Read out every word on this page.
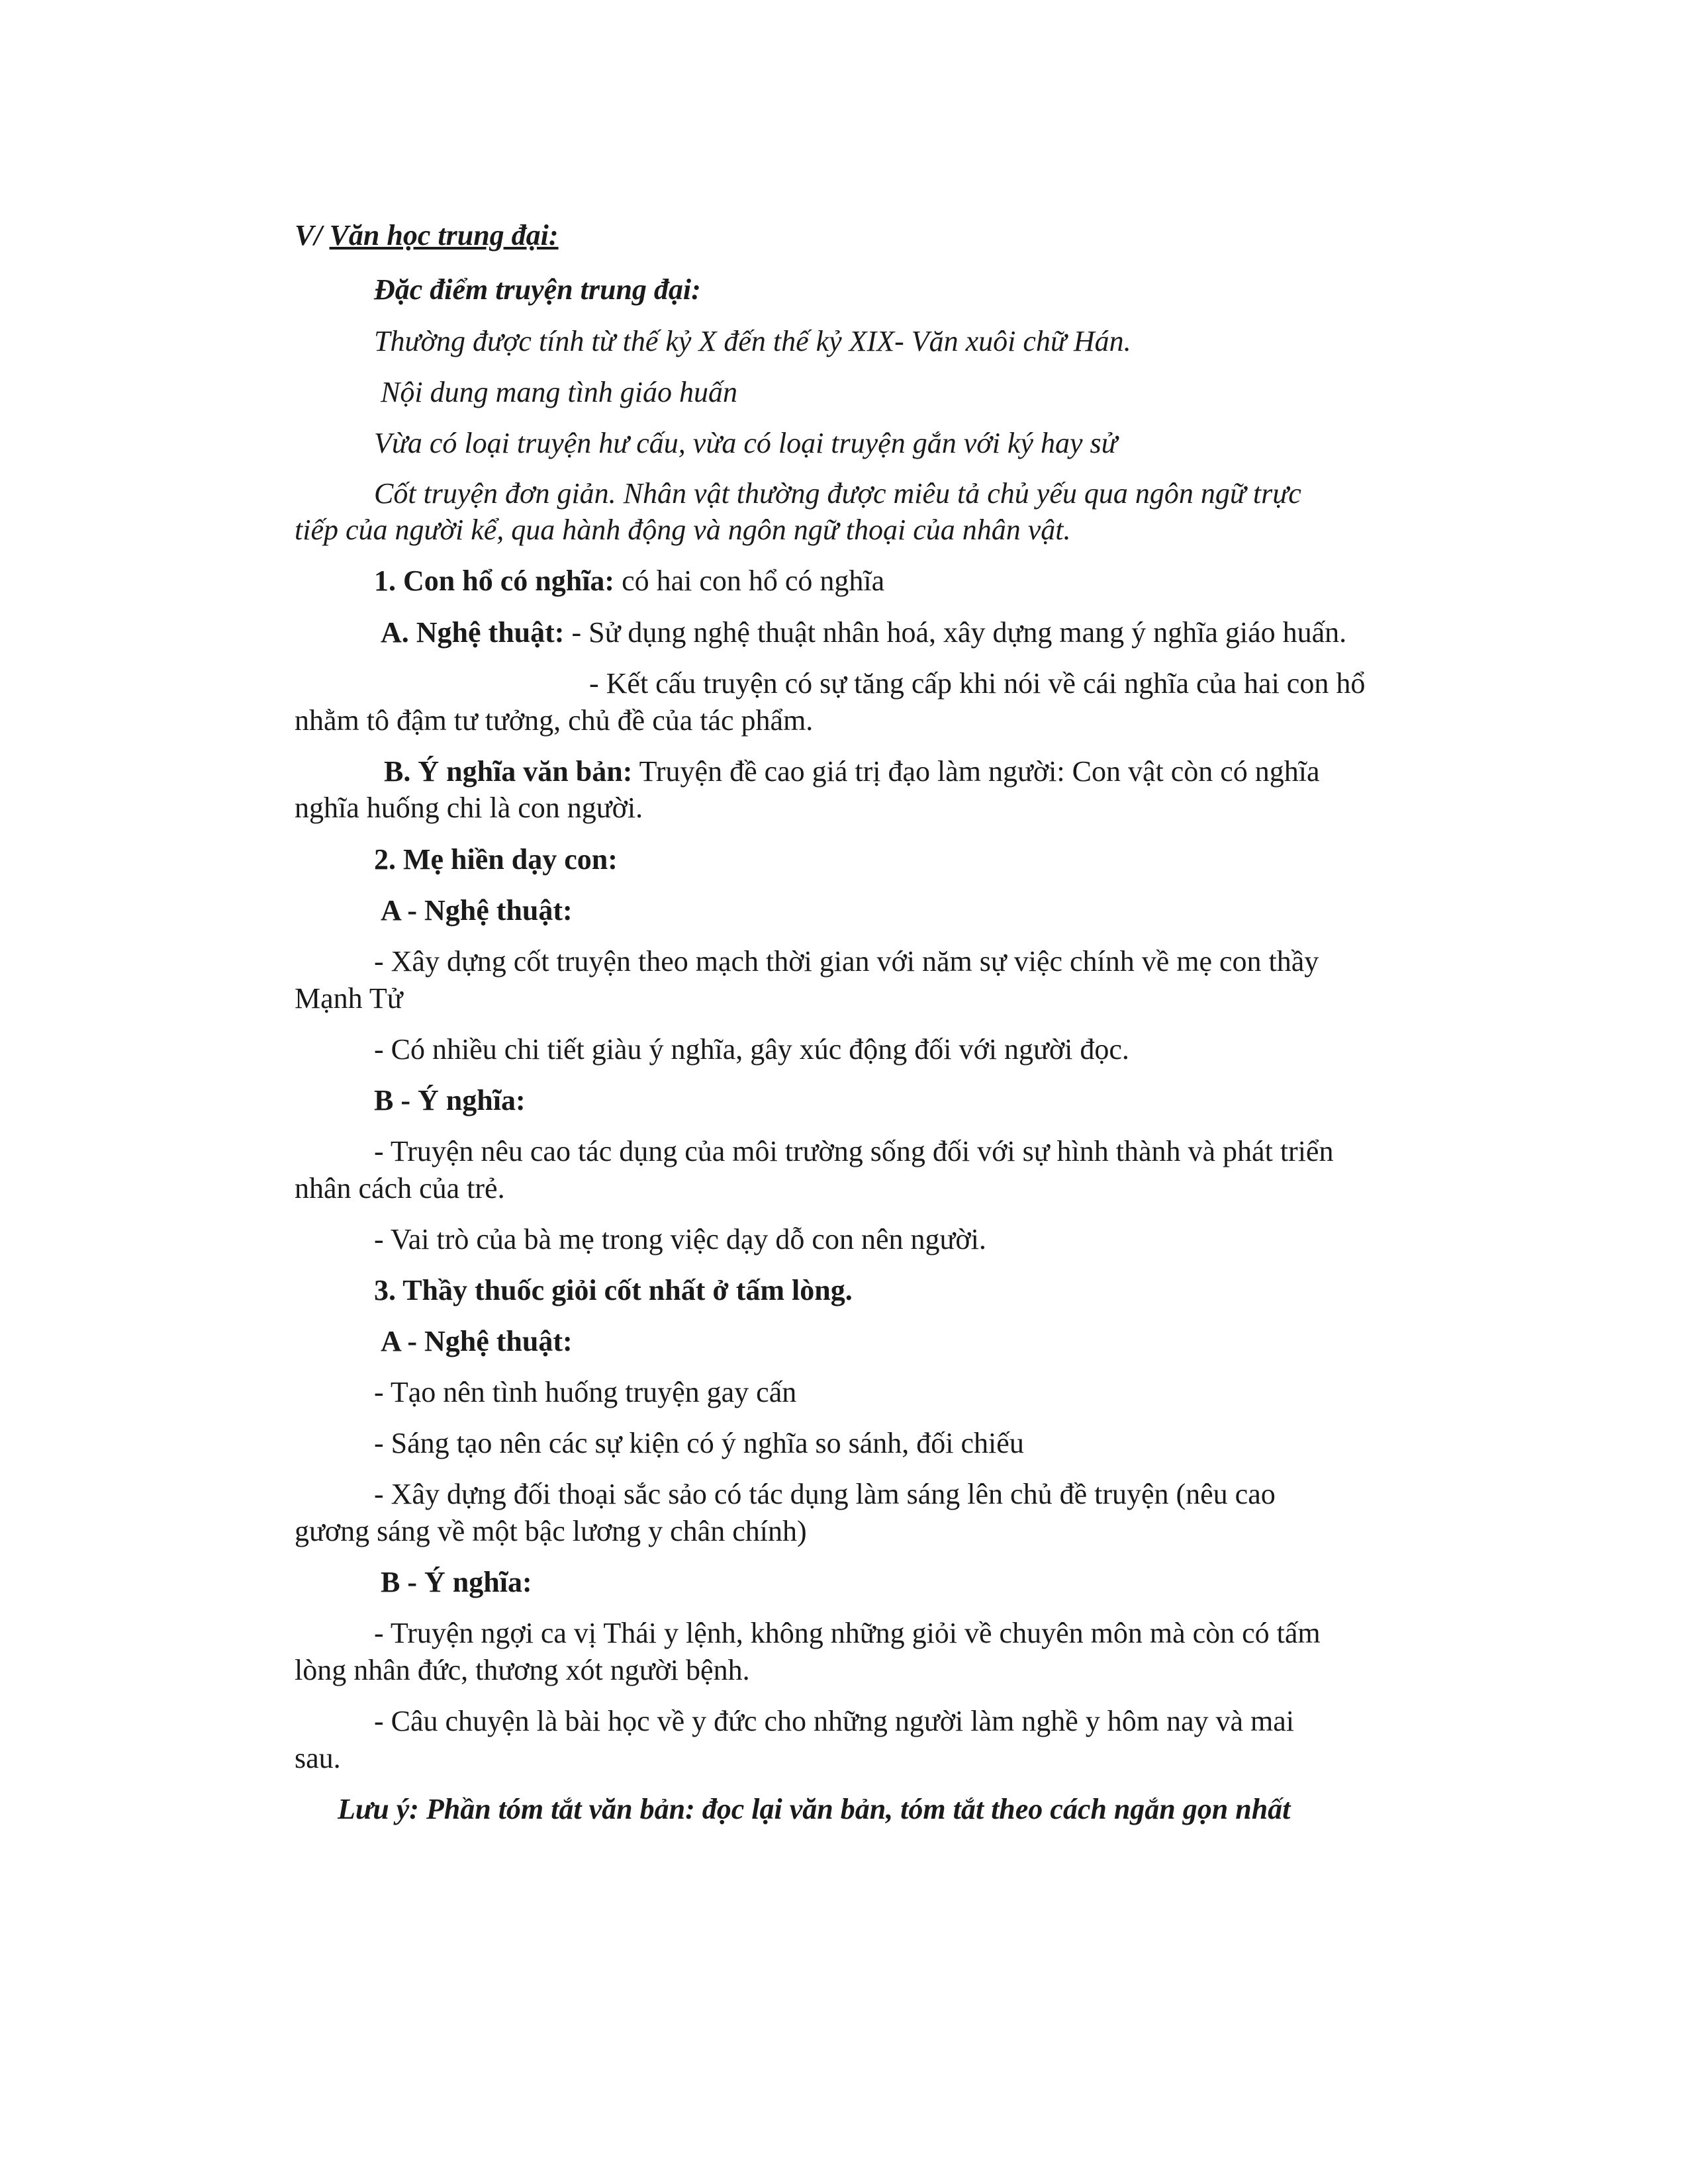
V/ Văn học trung đại:
Đặc điểm truyện trung đại:
Thường được tính từ thế kỷ X đến thế kỷ XIX- Văn xuôi chữ Hán.
Nội dung mang tình giáo huấn
Vừa có loại truyện hư cấu, vừa có loại truyện gắn với ký hay sử
Cốt truyện đơn giản. Nhân vật thường được miêu tả chủ yếu qua ngôn ngữ trực
tiếp của người kể, qua hành động và ngôn ngữ thoại của nhân vật.
1. Con hổ có nghĩa: có hai con hổ có nghĩa
A. Nghệ thuật: - Sử dụng nghệ thuật nhân hoá, xây dựng mang ý nghĩa giáo huấn.
- Kết cấu truyện có sự tăng cấp khi nói về cái nghĩa của hai con hổ
nhằm tô đậm tư tưởng, chủ đề của tác phẩm.
B. Ý nghĩa văn bản: Truyện đề cao giá trị đạo làm người: Con vật còn có nghĩa
nghĩa huống chi là con người.
2. Mẹ hiền dạy con:
A - Nghệ thuật:
- Xây dựng cốt truyện theo mạch thời gian với năm sự việc chính về mẹ con thầy
Mạnh Tử
- Có nhiều chi tiết giàu ý nghĩa, gây xúc động đối với người đọc.
B - Ý nghĩa:
- Truyện nêu cao tác dụng của môi trường sống đối với sự hình thành và phát triển
nhân cách của trẻ.
- Vai trò của bà mẹ trong việc dạy dỗ con nên người.
3. Thầy thuốc giỏi cốt nhất ở tấm lòng.
A - Nghệ thuật:
- Tạo nên tình huống truyện gay cấn
- Sáng tạo nên các sự kiện có ý nghĩa so sánh, đối chiếu
- Xây dựng đối thoại sắc sảo có tác dụng làm sáng lên chủ đề truyện (nêu cao
gương sáng về một bậc lương y chân chính)
B - Ý nghĩa:
- Truyện ngợi ca vị Thái y lệnh, không những giỏi về chuyên môn mà còn có tấm
lòng nhân đức, thương xót người bệnh.
- Câu chuyện là bài học về y đức cho những người làm nghề y hôm nay và mai
sau.
Lưu ý: Phần tóm tắt văn bản: đọc lại văn bản, tóm tắt theo cách ngắn gọn nhất
